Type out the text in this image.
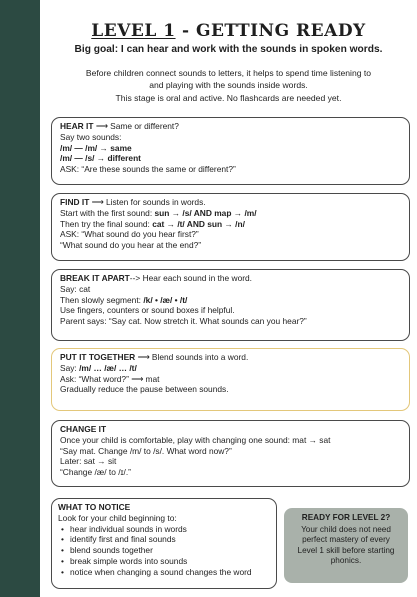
LEVEL 1 - GETTING READY
Big goal: I can hear and work with the sounds in spoken words.
Before children connect sounds to letters, it helps to spend time listening to
and playing with the sounds inside words.
This stage is oral and active. No flashcards are needed yet.
HEAR IT ⟶ Same or different?
Say two sounds:
/m/ — /m/ → same
/m/ — /s/ → different
ASK: “Are these sounds the same or different?”
FIND IT ⟶ Listen for sounds in words.
Start with the first sound: sun → /s/ AND map → /m/
Then try the final sound: cat → /t/ AND sun → /n/
ASK: “What sound do you hear first?”
“What sound do you hear at the end?”
BREAK IT APART--> Hear each sound in the word.
Say: cat
Then slowly segment: /k/ • /æ/ • /t/
Use fingers, counters or sound boxes if helpful.
Parent says: “Say cat. Now stretch it. What sounds can you hear?”
PUT IT TOGETHER ⟶ Blend sounds into a word.
Say: /m/ … /æ/ … /t/
Ask: “What word?” ⟶ mat
Gradually reduce the pause between sounds.
CHANGE IT
Once your child is comfortable, play with changing one sound: mat → sat
“Say mat. Change /m/ to /s/. What word now?”
Later: sat → sit
“Change /æ/ to /ɪ/.”
WHAT TO NOTICE
Look for your child beginning to:
• hear individual sounds in words
• identify first and final sounds
• blend sounds together
• break simple words into sounds
• notice when changing a sound changes the word
READY FOR LEVEL 2?
Your child does not need
perfect mastery of every
Level 1 skill before starting
phonics.
